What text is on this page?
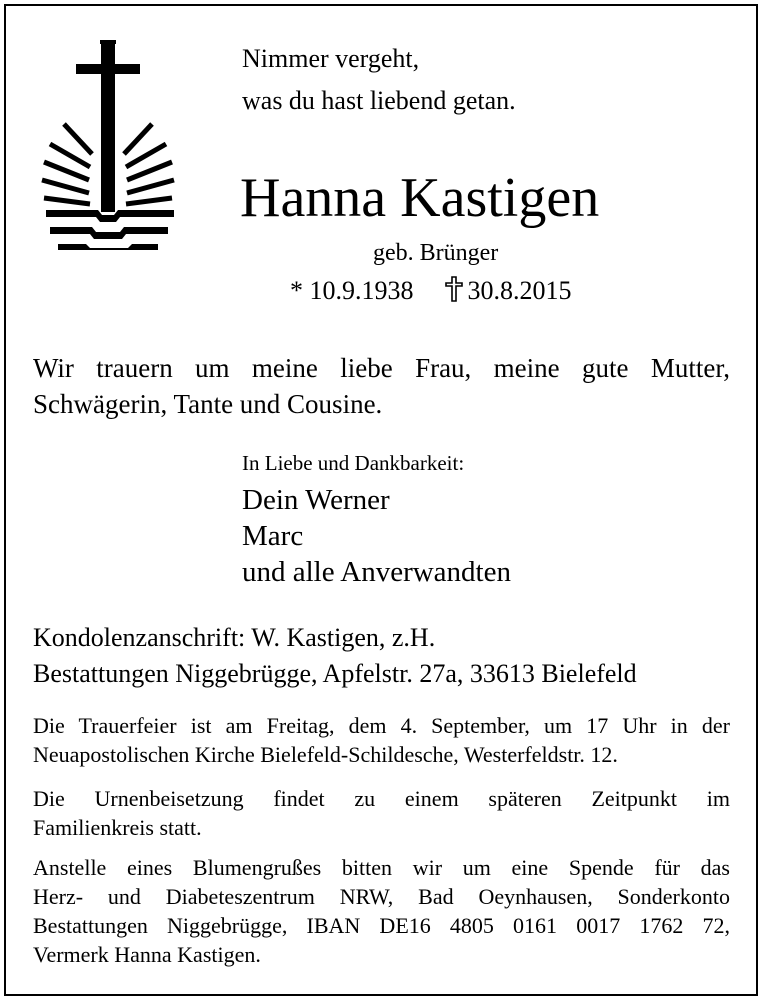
Nimmer vergeht,
was du hast liebend getan.
Hanna Kastigen
geb. Brünger
* 10.9.1938 30.8.2015
Wir trauern um meine liebe Frau, meine gute Mutter,
Schwägerin, Tante und Cousine.
In Liebe und Dankbarkeit:
Dein Werner
Marc
und alle Anverwandten
Kondolenzanschrift: W. Kastigen, z.H.
Bestattungen Niggebrügge, Apfelstr. 27a, 33613 Bielefeld
Die Trauerfeier ist am Freitag, dem 4. September, um 17 Uhr in der
Neuapostolischen Kirche Bielefeld-Schildesche, Westerfeldstr. 12.
Die Urnenbeisetzung findet zu einem späteren Zeitpunkt im
Familienkreis statt.
Anstelle eines Blumengrußes bitten wir um eine Spende für das
Herz- und Diabeteszentrum NRW, Bad Oeynhausen, Sonderkonto
Bestattungen Niggebrügge, IBAN DE16 4805 0161 0017 1762 72,
Vermerk Hanna Kastigen.
